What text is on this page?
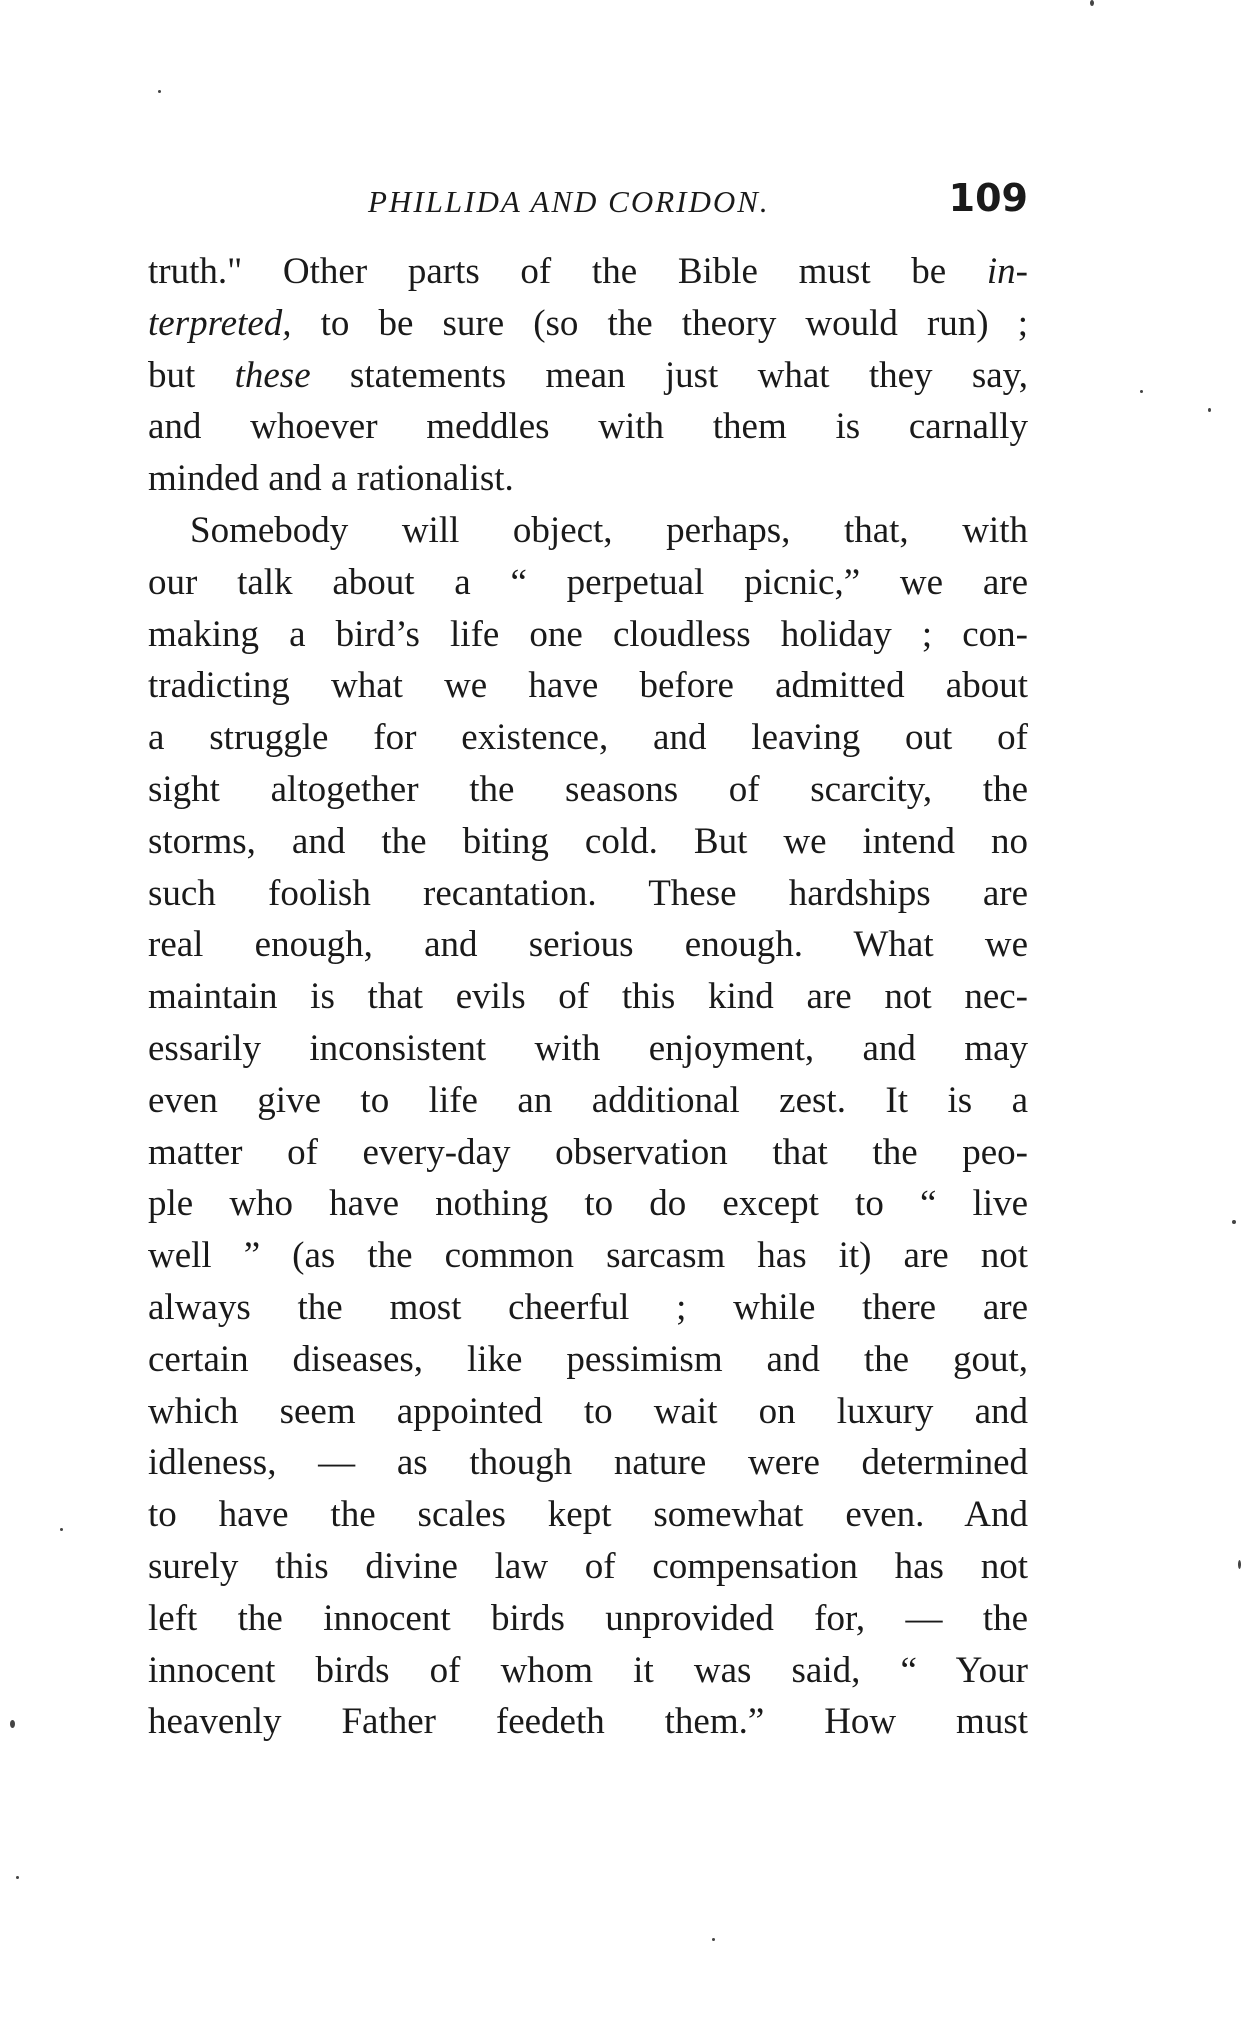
PHILLIDA AND CORIDON.	109
truth." Other parts of the Bible must be in-
terpreted, to be sure (so the theory would run) ;
but these statements mean just what they say,
and whoever meddles with them is carnally
minded and a rationalist.
Somebody will object, perhaps, that, with
our talk about a “ perpetual picnic,” we are
making a bird’s life one cloudless holiday ; con-
tradicting what we have before admitted about
a struggle for existence, and leaving out of
sight altogether the seasons of scarcity, the
storms, and the biting cold. But we intend no
such foolish recantation. These hardships are
real enough, and serious enough. What we
maintain is that evils of this kind are not nec-
essarily inconsistent with enjoyment, and may
even give to life an additional zest. It is a
matter of every-day observation that the peo-
ple who have nothing to do except to “ live
well ” (as the common sarcasm has it) are not
always the most cheerful ; while there are
certain diseases, like pessimism and the gout,
which seem appointed to wait on luxury and
idleness, — as though nature were determined
to have the scales kept somewhat even. And
surely this divine law of compensation has not
left the innocent birds unprovided for, — the
innocent birds of whom it was said, “ Your
heavenly Father feedeth them.” How must
